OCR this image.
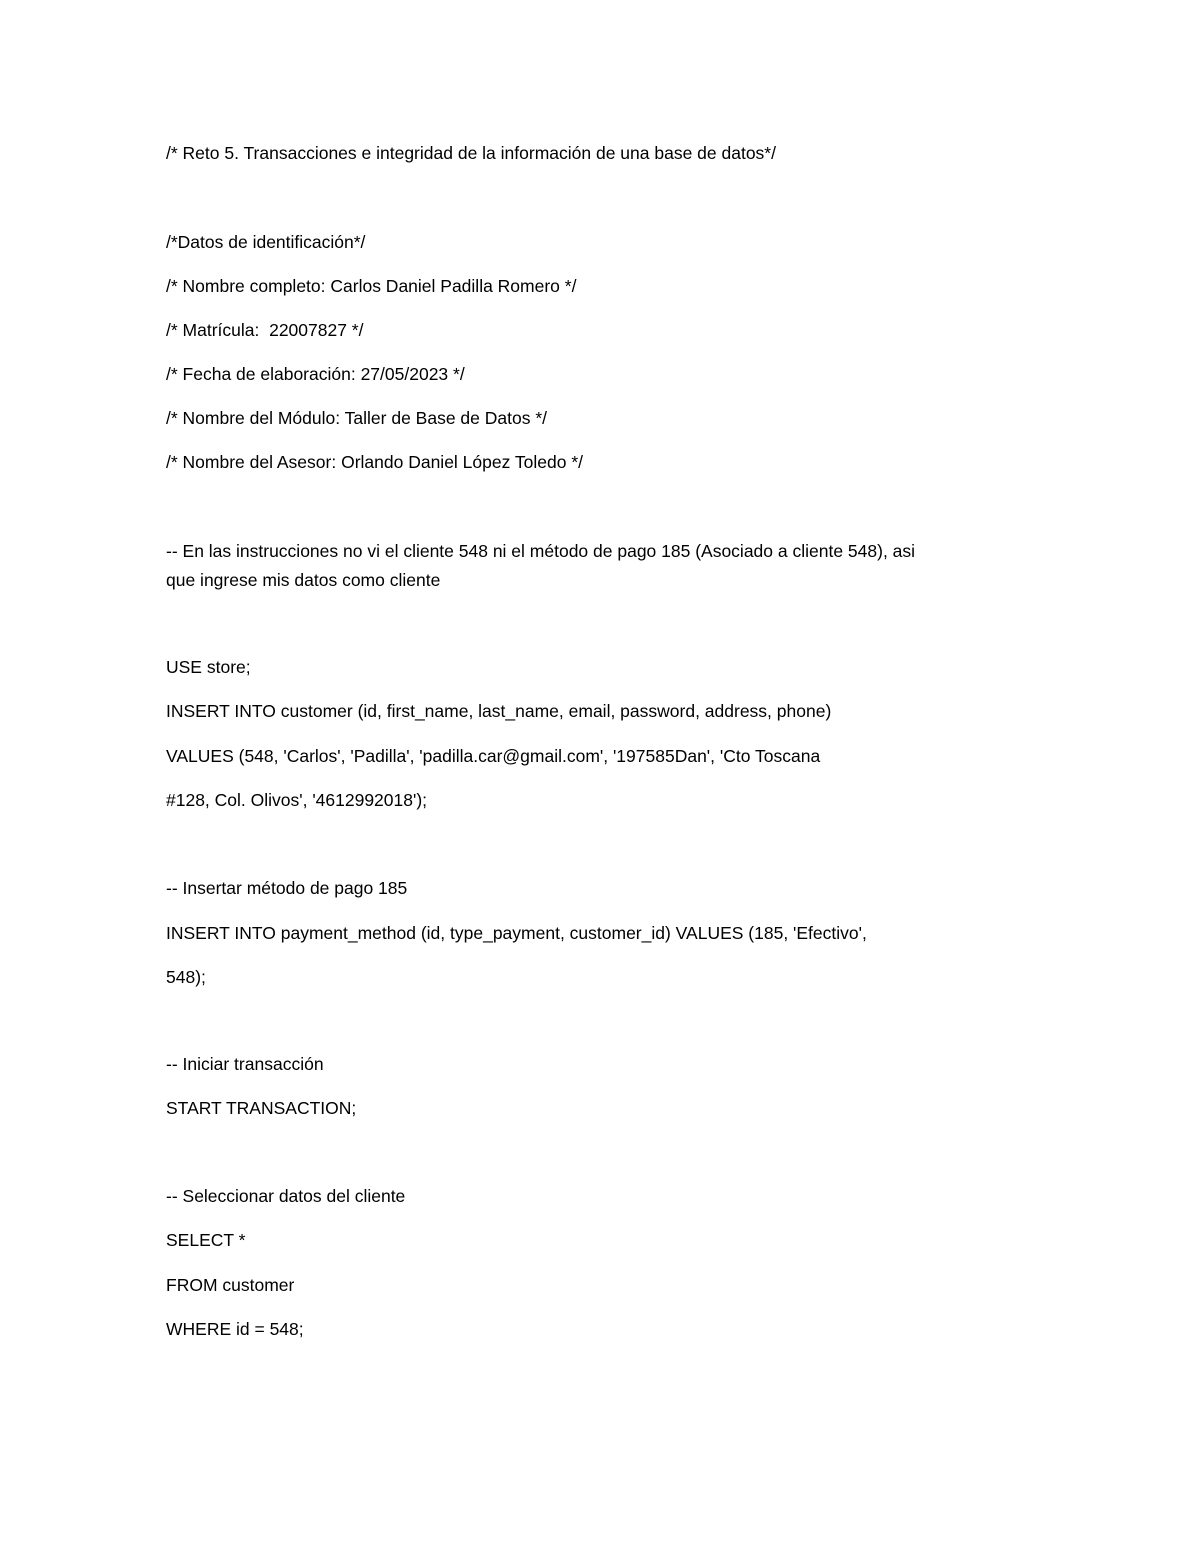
/* Reto 5. Transacciones e integridad de la información de una base de datos*/
/*Datos de identificación*/
/* Nombre completo: Carlos Daniel Padilla Romero */
/* Matrícula:  22007827 */
/* Fecha de elaboración: 27/05/2023 */
/* Nombre del Módulo: Taller de Base de Datos */
/* Nombre del Asesor: Orlando Daniel López Toledo */
-- En las instrucciones no vi el cliente 548 ni el método de pago 185 (Asociado a cliente 548), asi
que ingrese mis datos como cliente
USE store;
INSERT INTO customer (id, first_name, last_name, email, password, address, phone)
VALUES (548, 'Carlos', 'Padilla', 'padilla.car@gmail.com', '197585Dan', 'Cto Toscana
#128, Col. Olivos', '4612992018');
-- Insertar método de pago 185
INSERT INTO payment_method (id, type_payment, customer_id) VALUES (185, 'Efectivo',
548);
-- Iniciar transacción
START TRANSACTION;
-- Seleccionar datos del cliente
SELECT *
FROM customer
WHERE id = 548;
